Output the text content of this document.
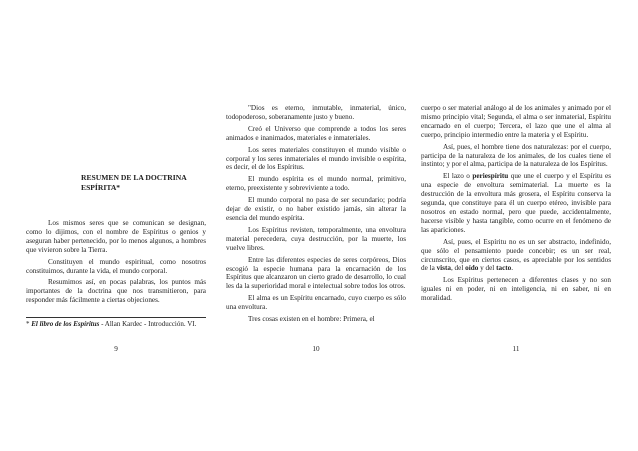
RESUMEN DE LA DOCTRINA ESPÍRITA*

Los mismos seres que se comunican se designan, como lo dijimos, con el nombre de Espíritus o genios y aseguran haber pertenecido, por lo menos algunos, a hombres que vivieron sobre la Tierra.

Constituyen el mundo espiritual, como nosotros constituimos, durante la vida, el mundo corporal.

Resumimos así, en pocas palabras, los puntos más importantes de la doctrina que nos transmitieron, para responder más fácilmente a ciertas objeciones.

* El libro de los Espíritus - Allan Kardec - Introducción. VI.

9

"Dios es eterno, inmutable, inmaterial, único, todopoderoso, soberanamente justo y bueno.

Creó el Universo que comprende a todos los seres animados e inanimados, materiales e inmateriales.

Los seres materiales constituyen el mundo visible o corporal y los seres inmateriales el mundo invisible o espírita, es decir, el de los Espíritus.

El mundo espírita es el mundo normal, primitivo, eterno, preexistente y sobreviviente a todo.

El mundo corporal no pasa de ser secundario; podría dejar de existir, o no haber existido jamás, sin alterar la esencia del mundo espírita.

Los Espíritus revisten, temporalmente, una envoltura material perecedera, cuya destrucción, por la muerte, los vuelve libres.

Entre las diferentes especies de seres corpóreos, Dios escogió la especie humana para la encarnación de los Espíritus que alcanzaron un cierto grado de desarrollo, lo cual les da la superioridad moral e intelectual sobre todos los otros.

El alma es un Espíritu encarnado, cuyo cuerpo es sólo una envoltura.

Tres cosas existen en el hombre: Primera, el

10

cuerpo o ser material análogo al de los animales y animado por el mismo principio vital; Segunda, el alma o ser inmaterial, Espíritu encarnado en el cuerpo; Tercera, el lazo que une el alma al cuerpo, principio intermedio entre la materia y el Espíritu.

Así, pues, el hombre tiene dos naturalezas: por el cuerpo, participa de la naturaleza de los animales, de los cuales tiene el instinto; y por el alma, participa de la naturaleza de los Espíritus.

El lazo o periespíritu que une el cuerpo y el Espíritu es una especie de envoltura semimaterial. La muerte es la destrucción de la envoltura más grosera, el Espíritu conserva la segunda, que constituye para él un cuerpo etéreo, invisible para nosotros en estado normal, pero que puede, accidentalmente, hacerse visible y hasta tangible, como ocurre en el fenómeno de las apariciones.

Así, pues, el Espíritu no es un ser abstracto, indefinido, que sólo el pensamiento puede concebir; es un ser real, circunscrito, que en ciertos casos, es apreciable por los sentidos de la vista, del oído y del tacto.

Los Espíritus pertenecen a diferentes clases y no son iguales ni en poder, ni en inteligencia, ni en saber, ni en moralidad.

11
